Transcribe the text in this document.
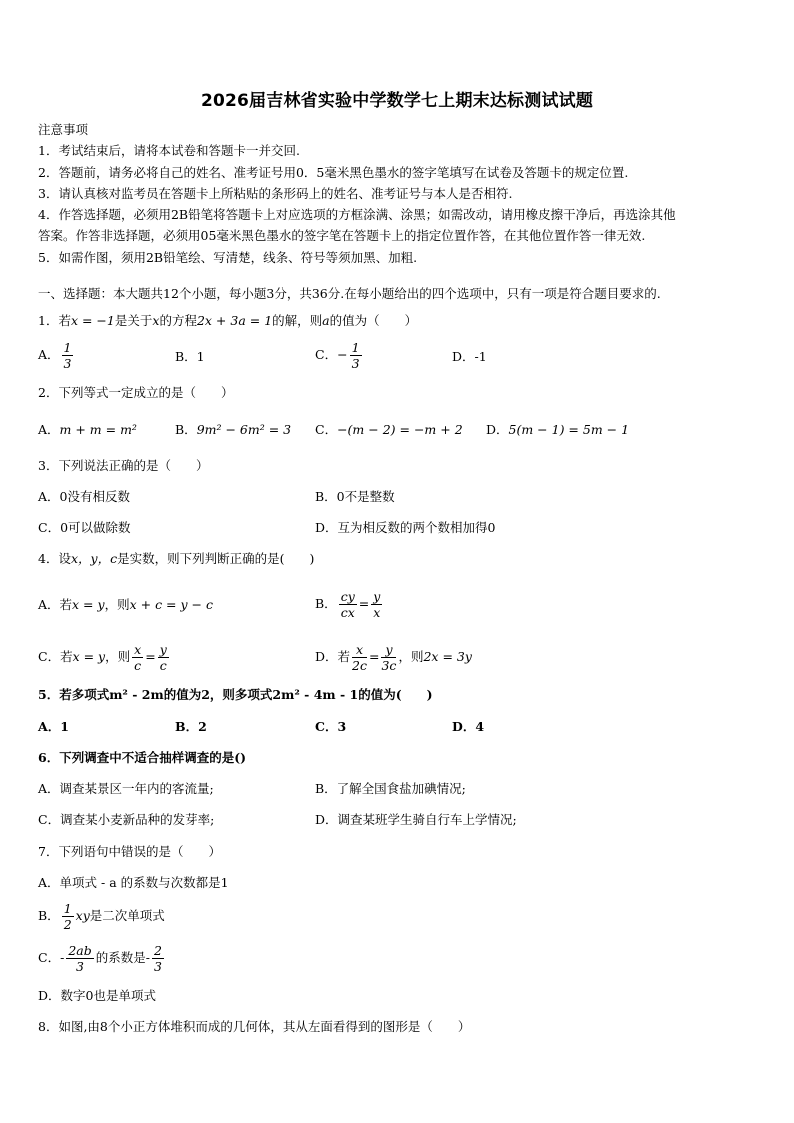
2026届吉林省实验中学数学七上期末达标测试试题
注意事项
1．考试结束后，请将本试卷和答题卡一并交回.
2．答题前，请务必将自己的姓名、准考证号用0．5毫米黑色墨水的签字笔填写在试卷及答题卡的规定位置.
3．请认真核对监考员在答题卡上所粘贴的条形码上的姓名、准考证号与本人是否相符.
4．作答选择题，必须用2B铅笔将答题卡上对应选项的方框涂满、涂黑；如需改动，请用橡皮擦干净后，再选涂其他
答案。作答非选择题，必须用05毫米黑色墨水的签字笔在答题卡上的指定位置作答，在其他位置作答一律无效.
5．如需作图，须用2B铅笔绘、写清楚，线条、符号等须加黑、加粗.
一、选择题：本大题共12个小题，每小题3分，共36分.在每小题给出的四个选项中，只有一项是符合题目要求的.
1．若x = −1是关于x的方程2x + 3a = 1的解，则a的值为（　　）
A． $\frac{1}{3}$	B．1	C．− $\frac{1}{3}$	D．-1
2．下列等式一定成立的是（　　）
A．m + m = m²	B．9m² − 6m² = 3 C．−(m − 2) = −m + 2 D．5(m − 1) = 5m − 1
3．下列说法正确的是（　　）
A．0没有相反数	B．0不是整数
C．0可以做除数	D．互为相反数的两个数相加得0
4．设x，y，c是实数，则下列判断正确的是(　　)
A．若x = y，则x + c = y − c	B． $\frac{cy}{cx} = \frac{y}{x}$
C．若x = y，则 $\frac{x}{c} = \frac{y}{c}$	D．若 $\frac{x}{2c} = \frac{y}{3c}$ ，则2x = 3y
5．若多项式m² - 2m的值为2，则多项式2m² - 4m - 1的值为(　　)
A．1	B．2	C．3	D．4
6．下列调查中不适合抽样调查的是()
A．调查某景区一年内的客流量;	B．了解全国食盐加碘情况;
C．调查某小麦新品种的发芽率;	D．调查某班学生骑自行车上学情况;
7．下列语句中错误的是（　　）
A．单项式 - a 的系数与次数都是1
B． $\frac{1}{2}$ xy是二次单项式
C．- $\frac{2ab}{3}$ 的系数是- $\frac{2}{3}$
D．数字0也是单项式
8．如图,由8个小正方体堆积而成的几何体，其从左面看得到的图形是（　　）
